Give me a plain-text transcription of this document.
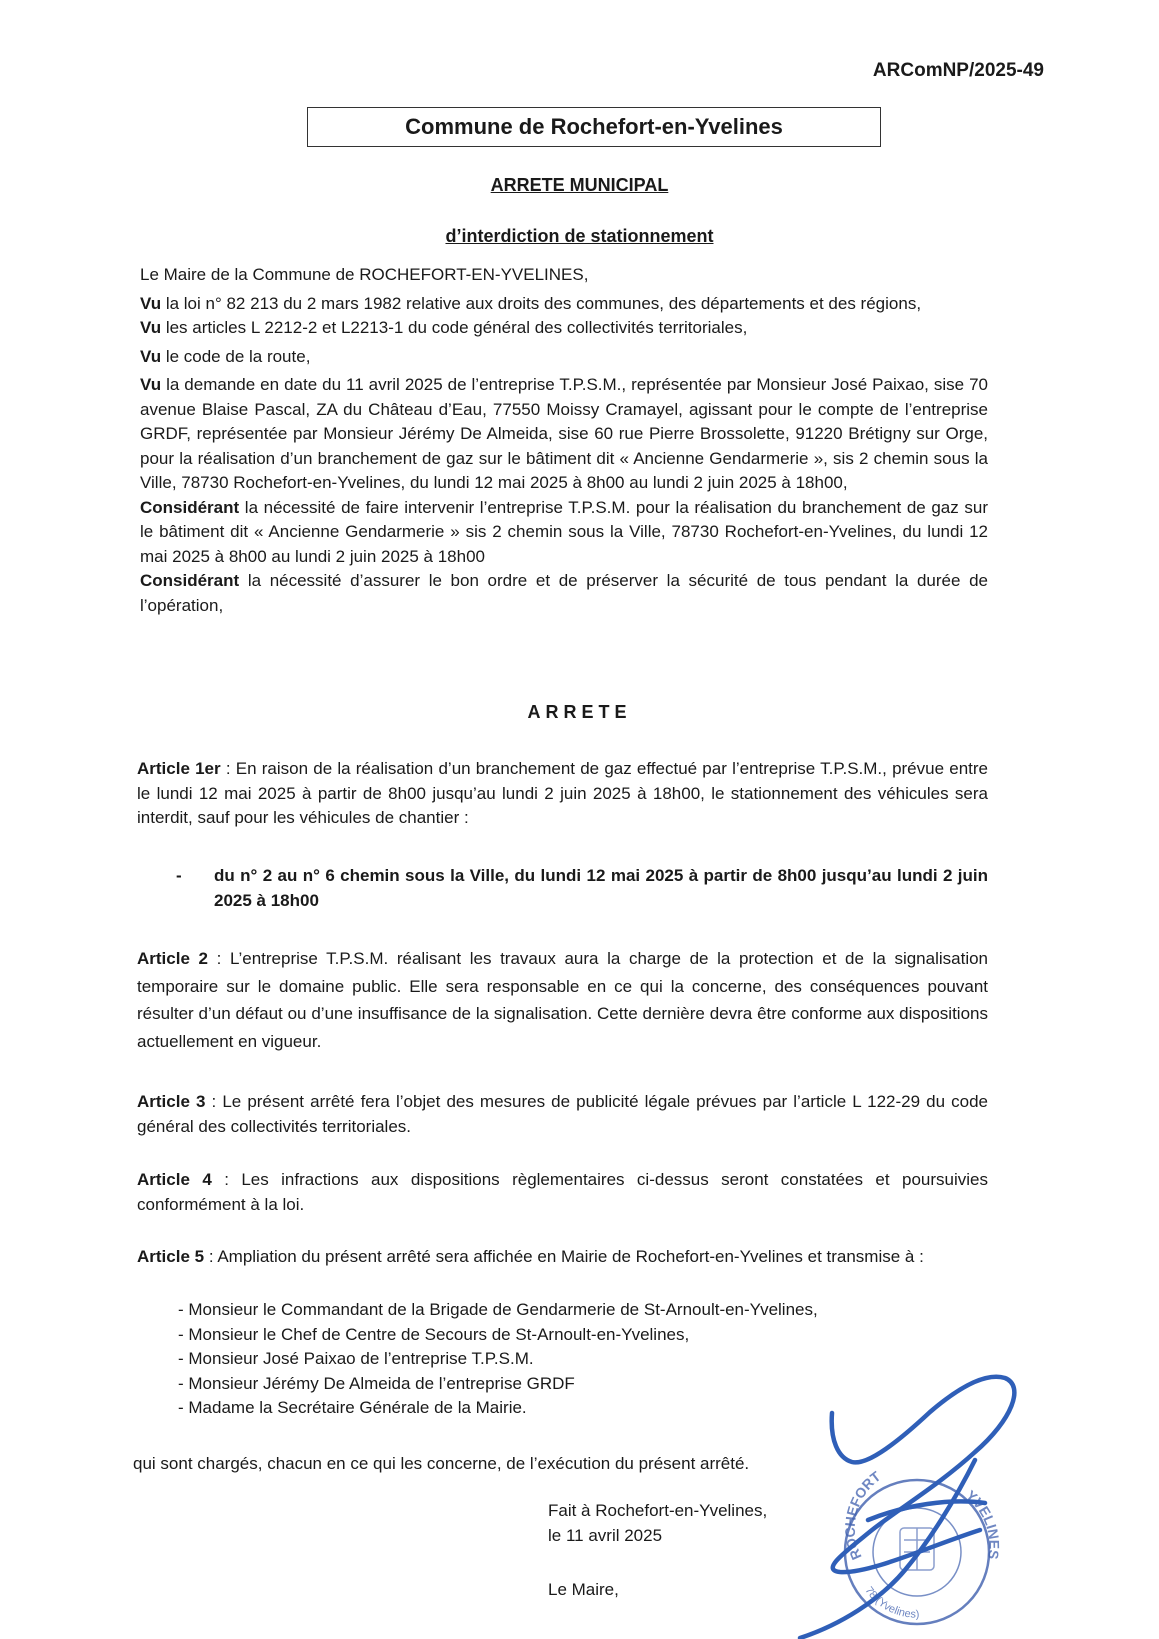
ARComNP/2025-49
Commune de Rochefort-en-Yvelines
ARRETE MUNICIPAL
d’interdiction de stationnement

Le Maire de la Commune de ROCHEFORT-EN-YVELINES,

Vu la loi n° 82 213 du 2 mars 1982 relative aux droits des communes, des départements et des régions,

Vu les articles L 2212-2 et L2213-1 du code général des collectivités territoriales,

Vu le code de la route,

Vu la demande en date du 11 avril 2025 de l’entreprise T.P.S.M., représentée par Monsieur José Paixao, sise 70 avenue Blaise Pascal, ZA du Château d’Eau, 77550 Moissy Cramayel, agissant pour le compte de l’entreprise GRDF, représentée par Monsieur Jérémy De Almeida, sise 60 rue Pierre Brossolette, 91220 Brétigny sur Orge, pour la réalisation d’un branchement de gaz sur le bâtiment dit « Ancienne Gendarmerie », sis 2 chemin sous la Ville, 78730 Rochefort-en-Yvelines, du lundi 12 mai 2025 à 8h00 au lundi 2 juin 2025 à 18h00,

Considérant la nécessité de faire intervenir l’entreprise T.P.S.M. pour la réalisation du branchement de gaz sur le bâtiment dit « Ancienne Gendarmerie » sis 2 chemin sous la Ville, 78730 Rochefort-en-Yvelines, du lundi 12 mai 2025 à 8h00 au lundi 2 juin 2025 à 18h00

Considérant la nécessité d’assurer le bon ordre et de préserver la sécurité de tous pendant la durée de l’opération,

ARRETE

Article 1er : En raison de la réalisation d’un branchement de gaz effectué par l’entreprise T.P.S.M., prévue entre le lundi 12 mai 2025 à partir de 8h00 jusqu’au lundi 2 juin 2025 à 18h00, le stationnement des véhicules sera interdit, sauf pour les véhicules de chantier :

-	du n° 2 au n° 6 chemin sous la Ville, du lundi 12 mai 2025 à partir de 8h00 jusqu’au lundi 2 juin 2025 à 18h00

Article 2 : L’entreprise T.P.S.M. réalisant les travaux aura la charge de la protection et de la signalisation temporaire sur le domaine public. Elle sera responsable en ce qui la concerne, des conséquences pouvant résulter d’un défaut ou d’une insuffisance de la signalisation. Cette dernière devra être conforme aux dispositions actuellement en vigueur.

Article 3 : Le présent arrêté fera l’objet des mesures de publicité légale prévues par l’article L 122-29 du code général des collectivités territoriales.

Article 4 : Les infractions aux dispositions règlementaires ci-dessus seront constatées et poursuivies conformément à la loi.

Article 5 : Ampliation du présent arrêté sera affichée en Mairie de Rochefort-en-Yvelines et transmise à :

- Monsieur le Commandant de la Brigade de Gendarmerie de St-Arnoult-en-Yvelines,
- Monsieur le Chef de Centre de Secours de St-Arnoult-en-Yvelines,
- Monsieur José Paixao de l’entreprise T.P.S.M.
- Monsieur Jérémy De Almeida de l’entreprise GRDF
- Madame la Secrétaire Générale de la Mairie.
qui sont chargés, chacun en ce qui les concerne, de l’exécution du présent arrêté.
Fait à Rochefort-en-Yvelines,
le 11 avril 2025
Le Maire,
ROCHEFORT
YVELINES
78 (Yvelines)
